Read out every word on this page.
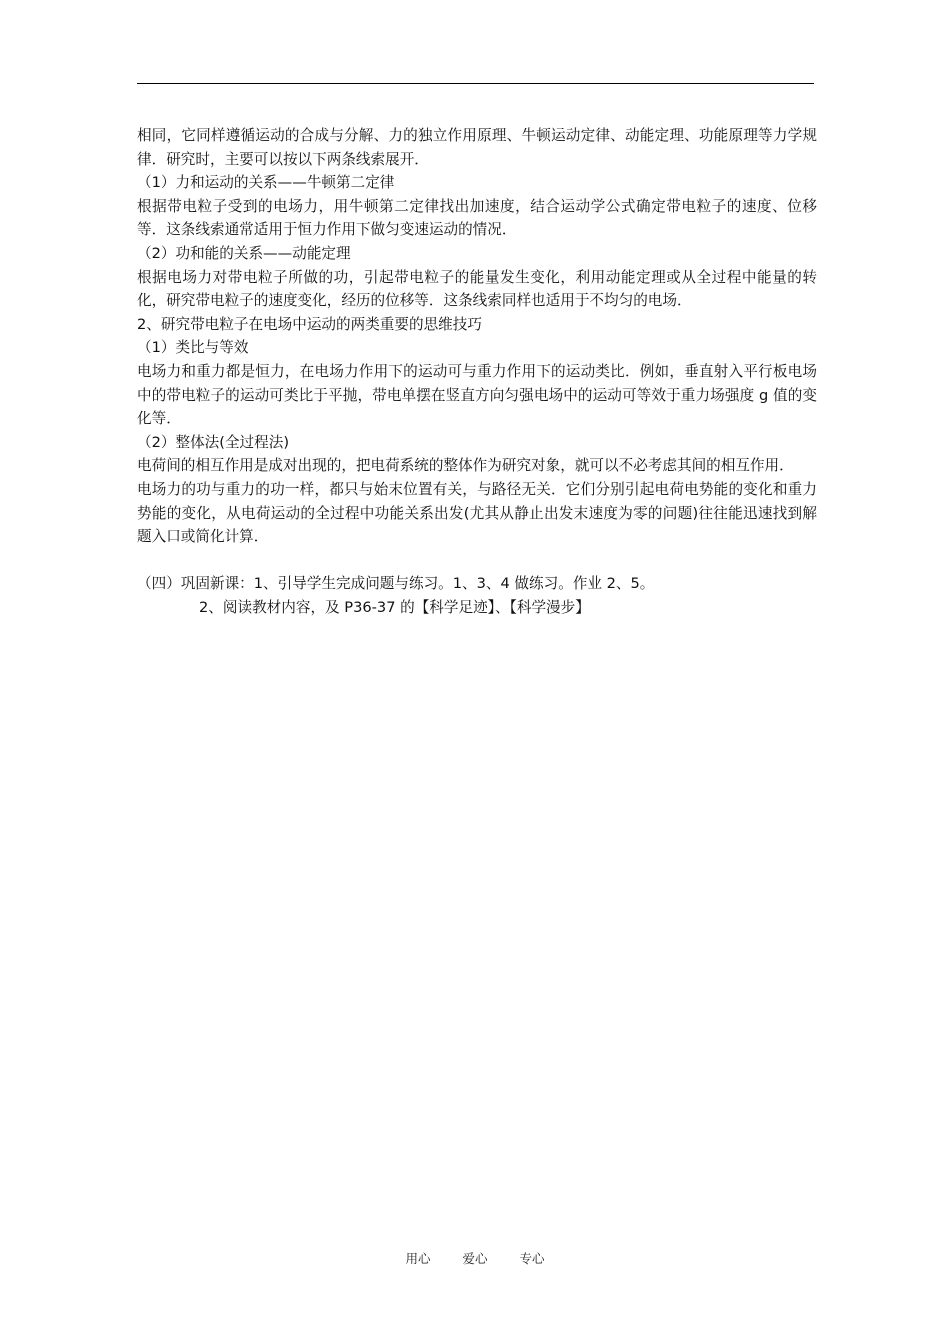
相同，它同样遵循运动的合成与分解、力的独立作用原理、牛顿运动定律、动能定理、功能原理等力学规律．研究时，主要可以按以下两条线索展开．

（1）力和运动的关系——牛顿第二定律

根据带电粒子受到的电场力，用牛顿第二定律找出加速度，结合运动学公式确定带电粒子的速度、位移等．这条线索通常适用于恒力作用下做匀变速运动的情况．

（2）功和能的关系——动能定理

根据电场力对带电粒子所做的功，引起带电粒子的能量发生变化，利用动能定理或从全过程中能量的转化，研究带电粒子的速度变化，经历的位移等．这条线索同样也适用于不均匀的电场．

2、研究带电粒子在电场中运动的两类重要的思维技巧

（1）类比与等效

电场力和重力都是恒力，在电场力作用下的运动可与重力作用下的运动类比．例如，垂直射入平行板电场中的带电粒子的运动可类比于平抛，带电单摆在竖直方向匀强电场中的运动可等效于重力场强度 g 值的变化等．

（2）整体法(全过程法)

电荷间的相互作用是成对出现的，把电荷系统的整体作为研究对象，就可以不必考虑其间的相互作用．

电场力的功与重力的功一样，都只与始末位置有关，与路径无关．它们分别引起电荷电势能的变化和重力势能的变化，从电荷运动的全过程中功能关系出发(尤其从静止出发末速度为零的问题)往往能迅速找到解题入口或简化计算．

（四）巩固新课：1、引导学生完成问题与练习。1、3、4 做练习。作业 2、5。

2、阅读教材内容，及 P36-37 的【科学足迹】、【科学漫步】

用心	爱心	专心
